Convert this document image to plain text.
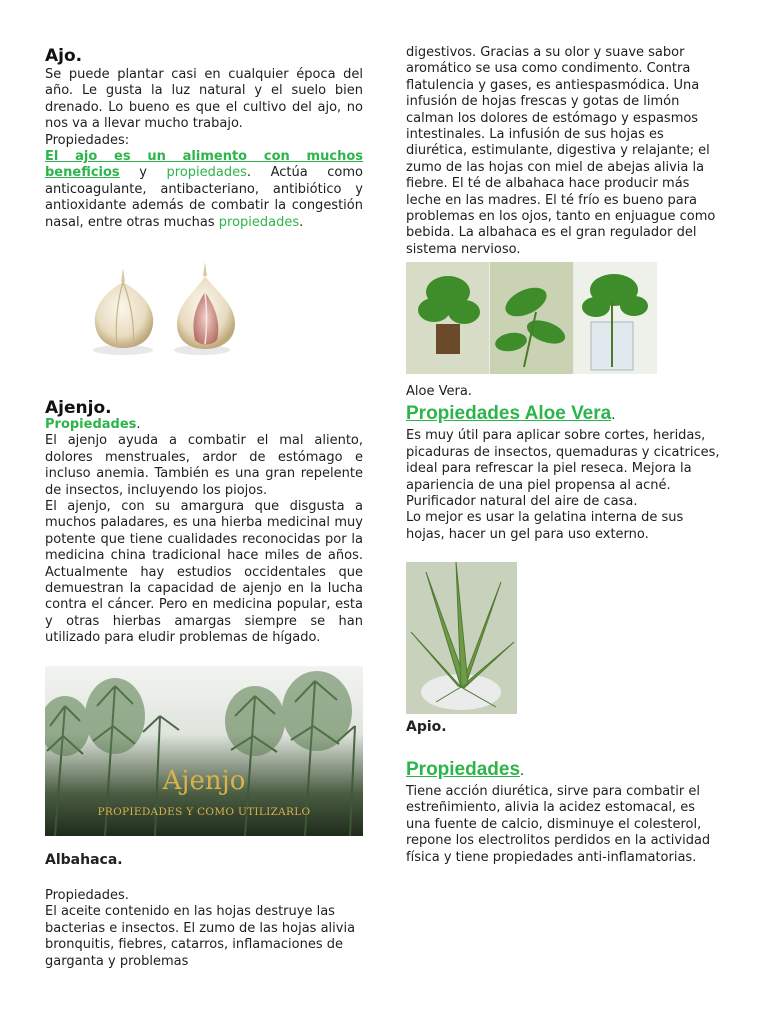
Ajo.

Se puede plantar casi en cualquier época del año. Le gusta la luz natural y el suelo bien drenado. Lo bueno es que el cultivo del ajo, no nos va a llevar mucho trabajo.

Propiedades:

El ajo es un alimento con muchos beneficios y propiedades. Actúa como anticoagulante, antibacteriano, antibiótico y antioxidante además de combatir la congestión nasal, entre otras muchas propiedades.

Ajenjo.

Propiedades.

El ajenjo ayuda a combatir el mal aliento, dolores menstruales, ardor de estómago e incluso anemia. También es una gran repelente de insectos, incluyendo los piojos.

El ajenjo, con su amargura que disgusta a muchos paladares, es una hierba medicinal muy potente que tiene cualidades reconocidas por la medicina china tradicional hace miles de años. Actualmente hay estudios occidentales que demuestran la capacidad de ajenjo en la lucha contra el cáncer. Pero en medicina popular, esta y otras hierbas amargas siempre se han utilizado para eludir problemas de hígado.

Ajenjo
PROPIEDADES Y COMO UTILIZARLO
Albahaca.

Propiedades.

El aceite contenido en las hojas destruye las bacterias e insectos. El zumo de las hojas alivia bronquitis, fiebres, catarros, inflamaciones de garganta y problemas

digestivos. Gracias a su olor y suave sabor aromático se usa como condimento. Contra flatulencia y gases, es antiespasmódica. Una infusión de hojas frescas y gotas de limón calman los dolores de estómago y espasmos intestinales. La infusión de sus hojas es diurética, estimulante, digestiva y relajante; el zumo de las hojas con miel de abejas alivia la fiebre. El té de albahaca hace producir más leche en las madres. El té frío es bueno para problemas en los ojos, tanto en enjuague como bebida. La albahaca es el gran regulador del sistema nervioso.

Aloe Vera.

Propiedades Aloe Vera.

Es muy útil para aplicar sobre cortes, heridas, picaduras de insectos, quemaduras y cicatrices, ideal para refrescar la piel reseca. Mejora la apariencia de una piel propensa al acné. Purificador natural del aire de casa.

Lo mejor es usar la gelatina interna de sus hojas, hacer un gel para uso externo.

Apio.

Propiedades.

Tiene acción diurética, sirve para combatir el estreñimiento, alivia la acidez estomacal, es una fuente de calcio, disminuye el colesterol, repone los electrolitos perdidos en la actividad física y tiene propiedades anti-inflamatorias.
